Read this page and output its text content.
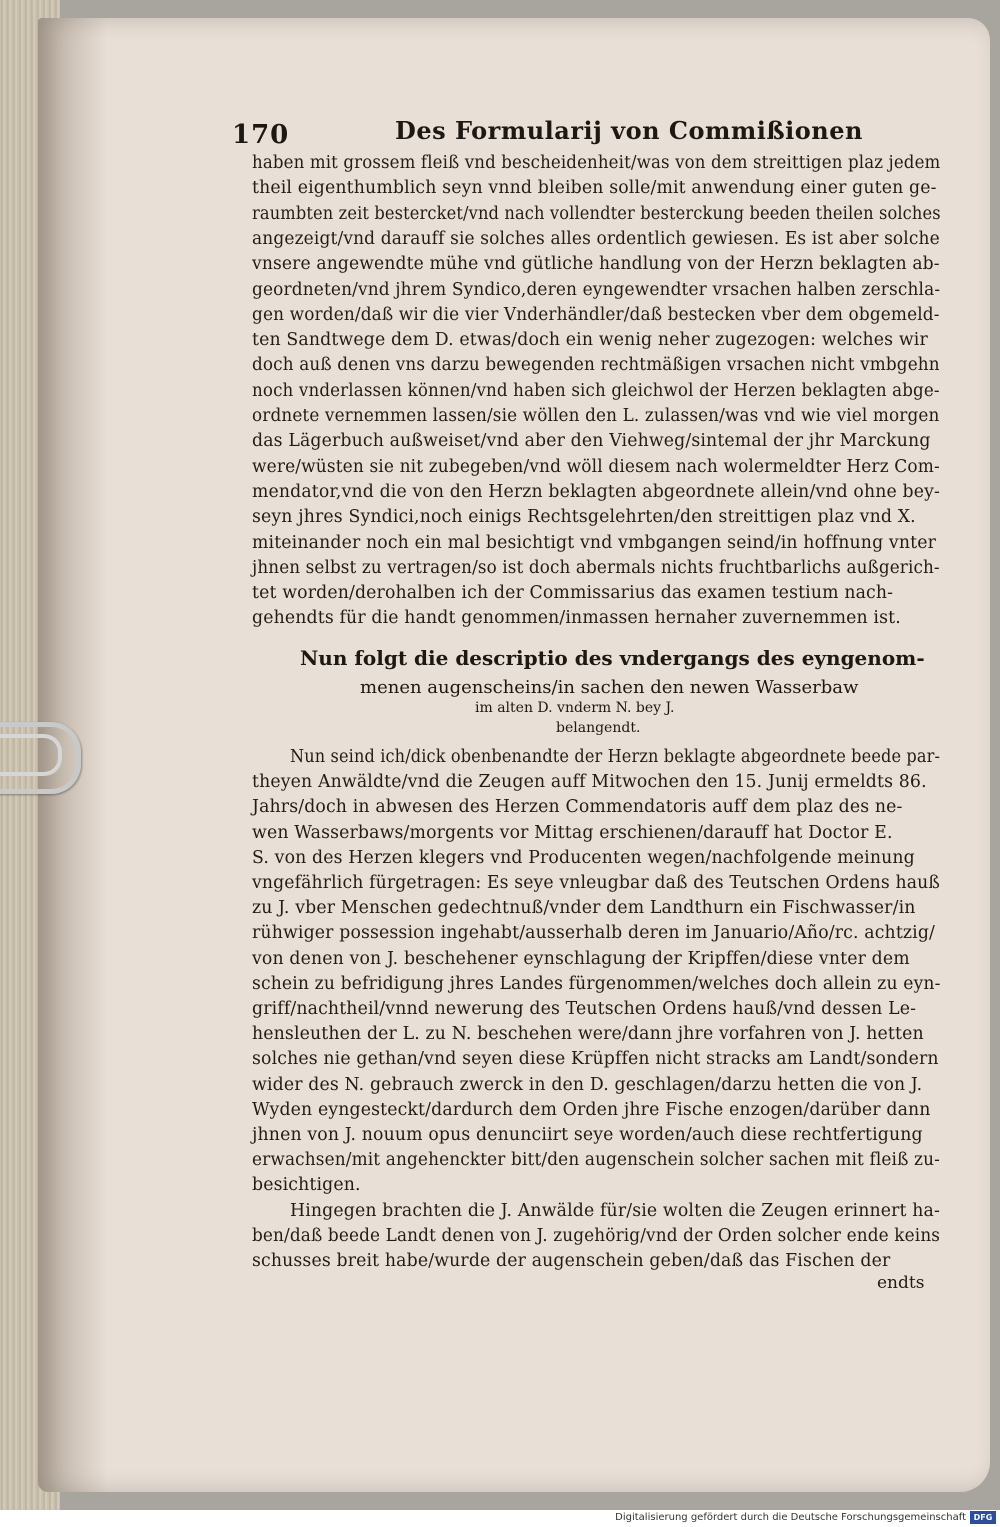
170	Des Formularij von Commißionen
haben mit grossem fleiß vnd bescheidenheit/was von dem streittigen plaz jedem
theil eigenthumblich seyn vnnd bleiben solle/mit anwendung einer guten ge-
raumbten zeit bestercket/vnd nach vollendter besterckung beeden theilen solches
angezeigt/vnd darauff sie solches alles ordentlich gewiesen. Es ist aber solche
vnsere angewendte mühe vnd gütliche handlung von der Herzn beklagten ab-
geordneten/vnd jhrem Syndico,deren eyngewendter vrsachen halben zerschla-
gen worden/daß wir die vier Vnderhändler/daß bestecken vber dem obgemeld-
ten Sandtwege dem D. etwas/doch ein wenig neher zugezogen: welches wir
doch auß denen vns darzu bewegenden rechtmäßigen vrsachen nicht vmbgehn
noch vnderlassen können/vnd haben sich gleichwol der Herzen beklagten abge-
ordnete vernemmen lassen/sie wöllen den L. zulassen/was vnd wie viel morgen
das Lägerbuch außweiset/vnd aber den Viehweg/sintemal der jhr Marckung
were/wüsten sie nit zubegeben/vnd wöll diesem nach wolermeldter Herz Com-
mendator,vnd die von den Herzn beklagten abgeordnete allein/vnd ohne bey-
seyn jhres Syndici,noch einigs Rechtsgelehrten/den streittigen plaz vnd X.
miteinander noch ein mal besichtigt vnd vmbgangen seind/in hoffnung vnter
jhnen selbst zu vertragen/so ist doch abermals nichts fruchtbarlichs außgerich-
tet worden/derohalben ich der Commissarius das examen testium nach-
gehendts für die handt genommen/inmassen hernaher zuvernemmen ist.
Nun folgt die descriptio des vndergangs des eyngenom-
menen augenscheins/in sachen den newen Wasserbaw
im alten D. vnderm N. bey J.
belangendt.
Nun seind ich/dick obenbenandte der Herzn beklagte abgeordnete beede par-
theyen Anwäldte/vnd die Zeugen auff Mitwochen den 15. Junij ermeldts 86.
Jahrs/doch in abwesen des Herzen Commendatoris auff dem plaz des ne-
wen Wasserbaws/morgents vor Mittag erschienen/darauff hat Doctor E.
S. von des Herzen klegers vnd Producenten wegen/nachfolgende meinung
vngefährlich fürgetragen: Es seye vnleugbar daß des Teutschen Ordens hauß
zu J. vber Menschen gedechtnuß/vnder dem Landthurn ein Fischwasser/in
rühwiger possession ingehabt/ausserhalb deren im Januario/Año/rc. achtzig/
von denen von J. beschehener eynschlagung der Kripffen/diese vnter dem
schein zu befridigung jhres Landes fürgenommen/welches doch allein zu eyn-
griff/nachtheil/vnnd newerung des Teutschen Ordens hauß/vnd dessen Le-
hensleuthen der L. zu N. beschehen were/dann jhre vorfahren von J. hetten
solches nie gethan/vnd seyen diese Krüpffen nicht stracks am Landt/sondern
wider des N. gebrauch zwerck in den D. geschlagen/darzu hetten die von J.
Wyden eyngesteckt/dardurch dem Orden jhre Fische enzogen/darüber dann
jhnen von J. nouum opus denunciirt seye worden/auch diese rechtfertigung
erwachsen/mit angehenckter bitt/den augenschein solcher sachen mit fleiß zu-
besichtigen.
Hingegen brachten die J. Anwälde für/sie wolten die Zeugen erinnert ha-
ben/daß beede Landt denen von J. zugehörig/vnd der Orden solcher ende keins
schusses breit habe/wurde der augenschein geben/daß das Fischen der
endts
Digitalisierung gefördert durch die Deutsche Forschungsgemeinschaft DFG
